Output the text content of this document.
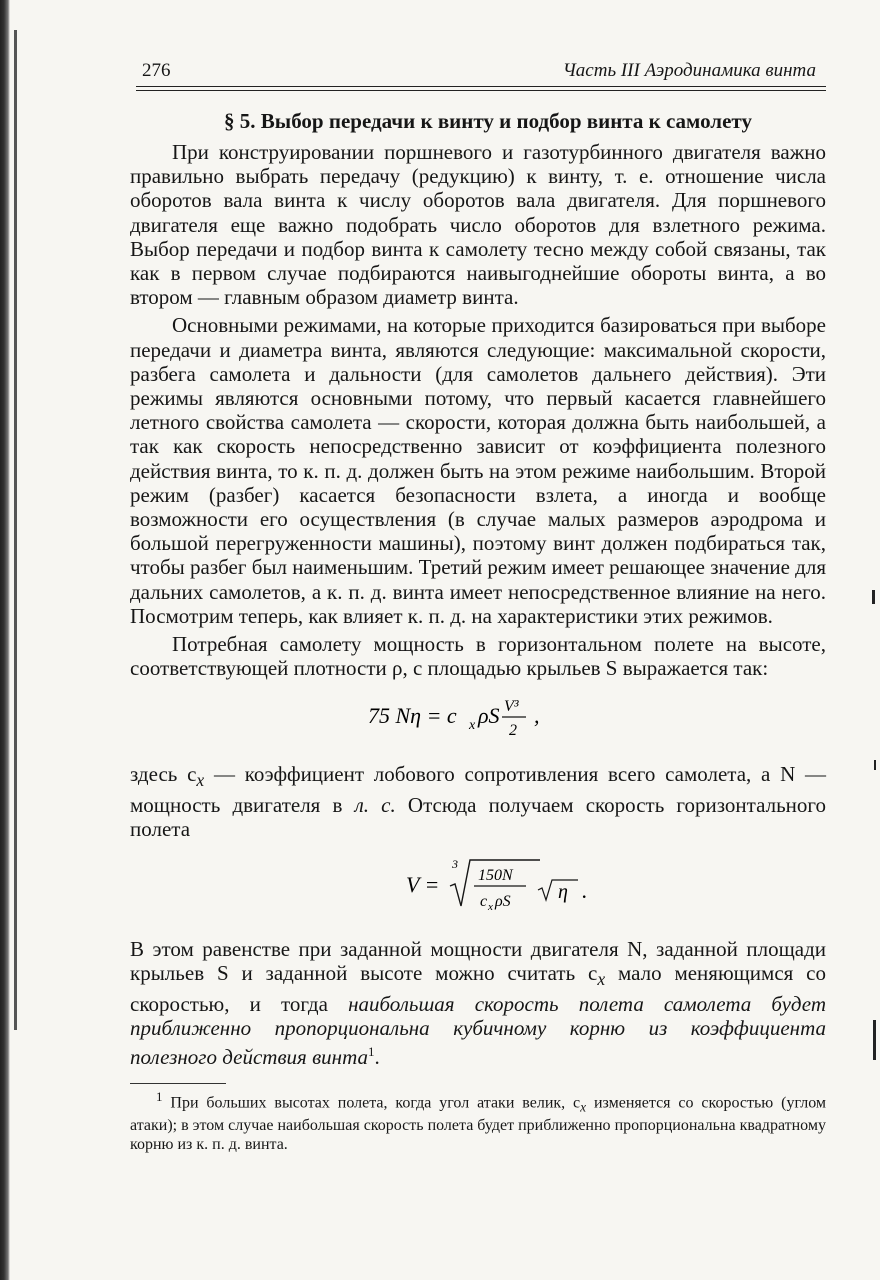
276	Часть III Аэродинамика винта
§ 5. Выбор передачи к винту и подбор винта к самолету

При конструировании поршневого и газотурбинного двигателя важно правильно выбрать передачу (редукцию) к винту, т. е. отношение числа оборотов вала винта к числу оборотов вала двигателя. Для поршневого двигателя еще важно подобрать число оборотов для взлетного режима. Выбор передачи и подбор винта к самолету тесно между собой связаны, так как в первом случае подбираются наивыгоднейшие обороты винта, а во втором — главным образом диаметр винта.

Основными режимами, на которые приходится базироваться при выборе передачи и диаметра винта, являются следующие: максимальной скорости, разбега самолета и дальности (для самолетов дальнего действия). Эти режимы являются основными потому, что первый касается главнейшего летного свойства самолета — скорости, которая должна быть наибольшей, а так как скорость непосредственно зависит от коэффициента полезного действия винта, то к. п. д. должен быть на этом режиме наибольшим. Второй режим (разбег) касается безопасности взлета, а иногда и вообще возможности его осуществления (в случае малых размеров аэродрома и большой перегруженности машины), поэтому винт должен подбираться так, чтобы разбег был наименьшим. Третий режим имеет решающее значение для дальних самолетов, а к. п. д. винта имеет непосредственное влияние на него. Посмотрим теперь, как влияет к. п. д. на характеристики этих режимов.

Потребная самолету мощность в горизонтальном полете на высоте, соответствующей плотности ρ, с площадью крыльев S выражается так:

75 Nη = c x ρS V³
2
,

здесь $c_x$ — коэффициент лобового сопротивления всего самолета, а N — мощность двигателя в л. с. Отсюда получаем скорость горизонтального полета

V =
3
150N
c x ρS η .

В этом равенстве при заданной мощности двигателя N, заданной площади крыльев S и заданной высоте можно считать $c_x$ мало меняющимся со скоростью, и тогда наибольшая скорость полета самолета будет приближенно пропорциональна кубичному корню из коэффициента полезного действия винта$^1$.

$^1$ При больших высотах полета, когда угол атаки велик, $c_x$ изменяется со скоростью (углом атаки); в этом случае наибольшая скорость полета будет приближенно пропорциональна квадратному корню из к. п. д. винта.
